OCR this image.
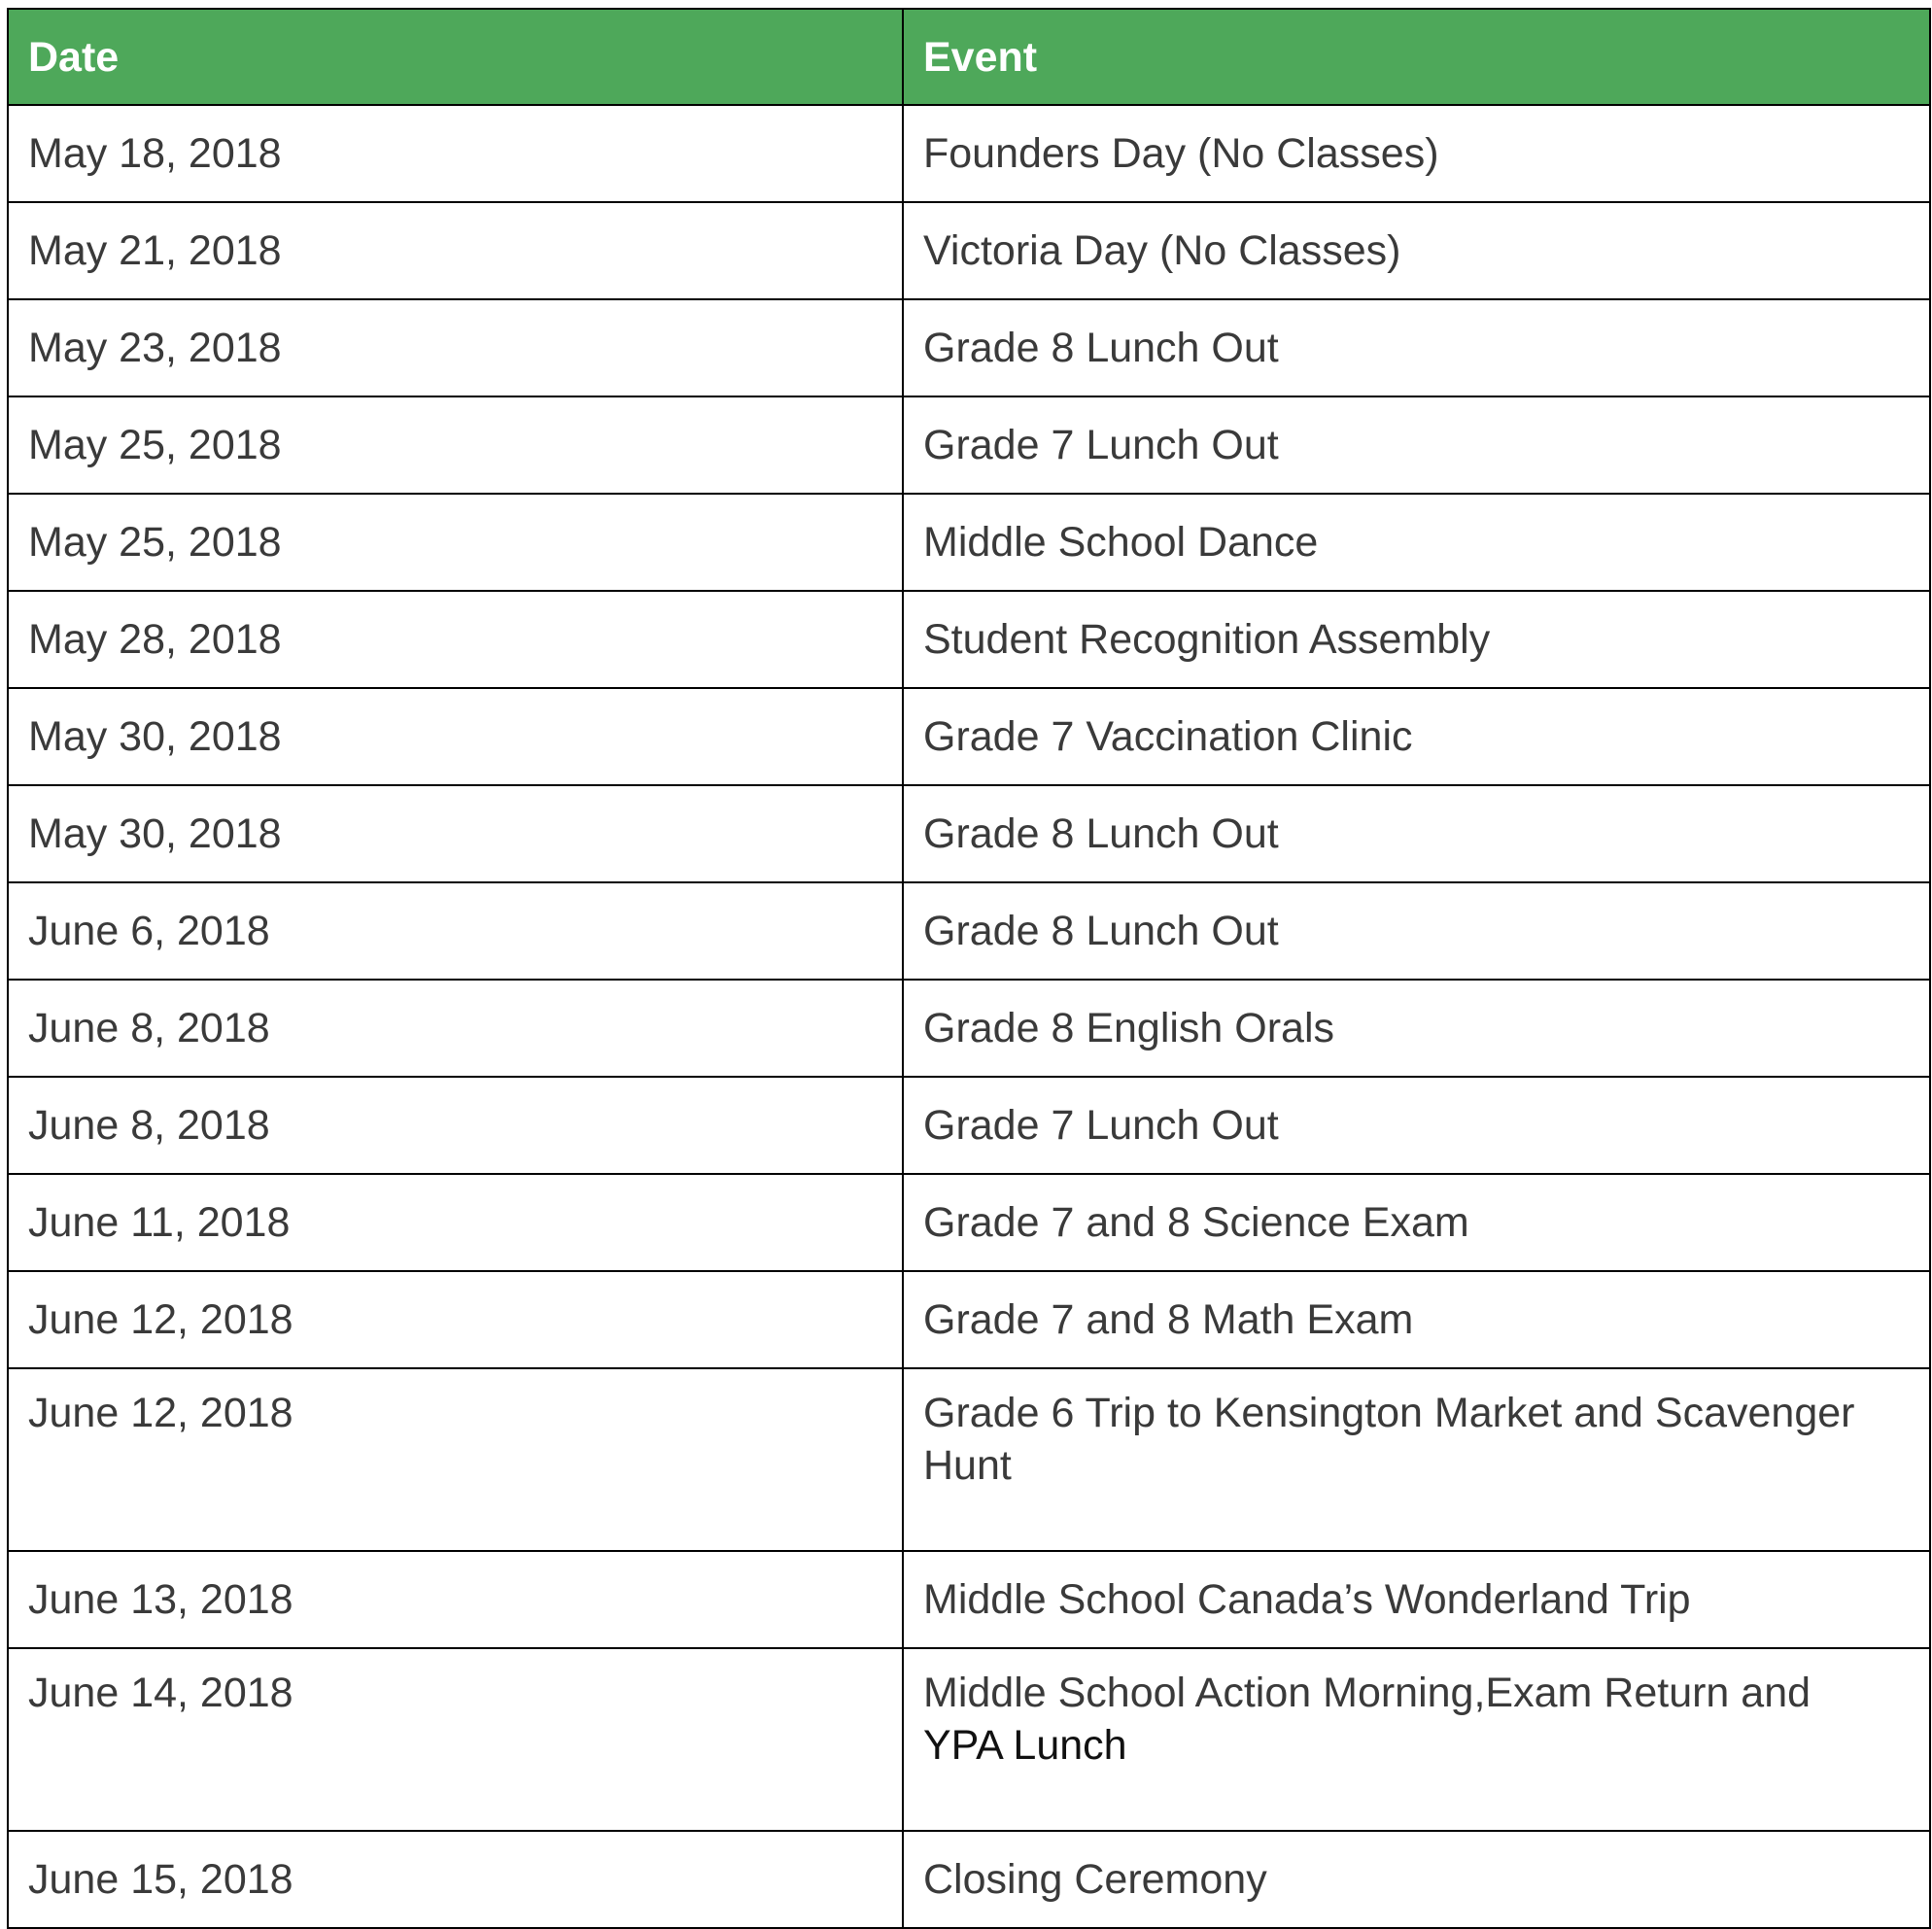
Date	Event
May 18, 2018	Founders Day (No Classes)
May 21, 2018	Victoria Day (No Classes)
May 23, 2018	Grade 8 Lunch Out
May 25, 2018	Grade 7 Lunch Out
May 25, 2018	Middle School Dance
May 28, 2018	Student Recognition Assembly
May 30, 2018	Grade 7 Vaccination Clinic
May 30, 2018	Grade 8 Lunch Out
June 6, 2018	Grade 8 Lunch Out
June 8, 2018	Grade 8 English Orals
June 8, 2018	Grade 7 Lunch Out
June 11, 2018	Grade 7 and 8 Science Exam
June 12, 2018	Grade 7 and 8 Math Exam
June 12, 2018	Grade 6 Trip to Kensington Market and Scavenger Hunt
June 13, 2018	Middle School Canada’s Wonderland Trip
June 14, 2018	Middle School Action Morning,Exam Return and
YPA Lunch
June 15, 2018	Closing Ceremony
